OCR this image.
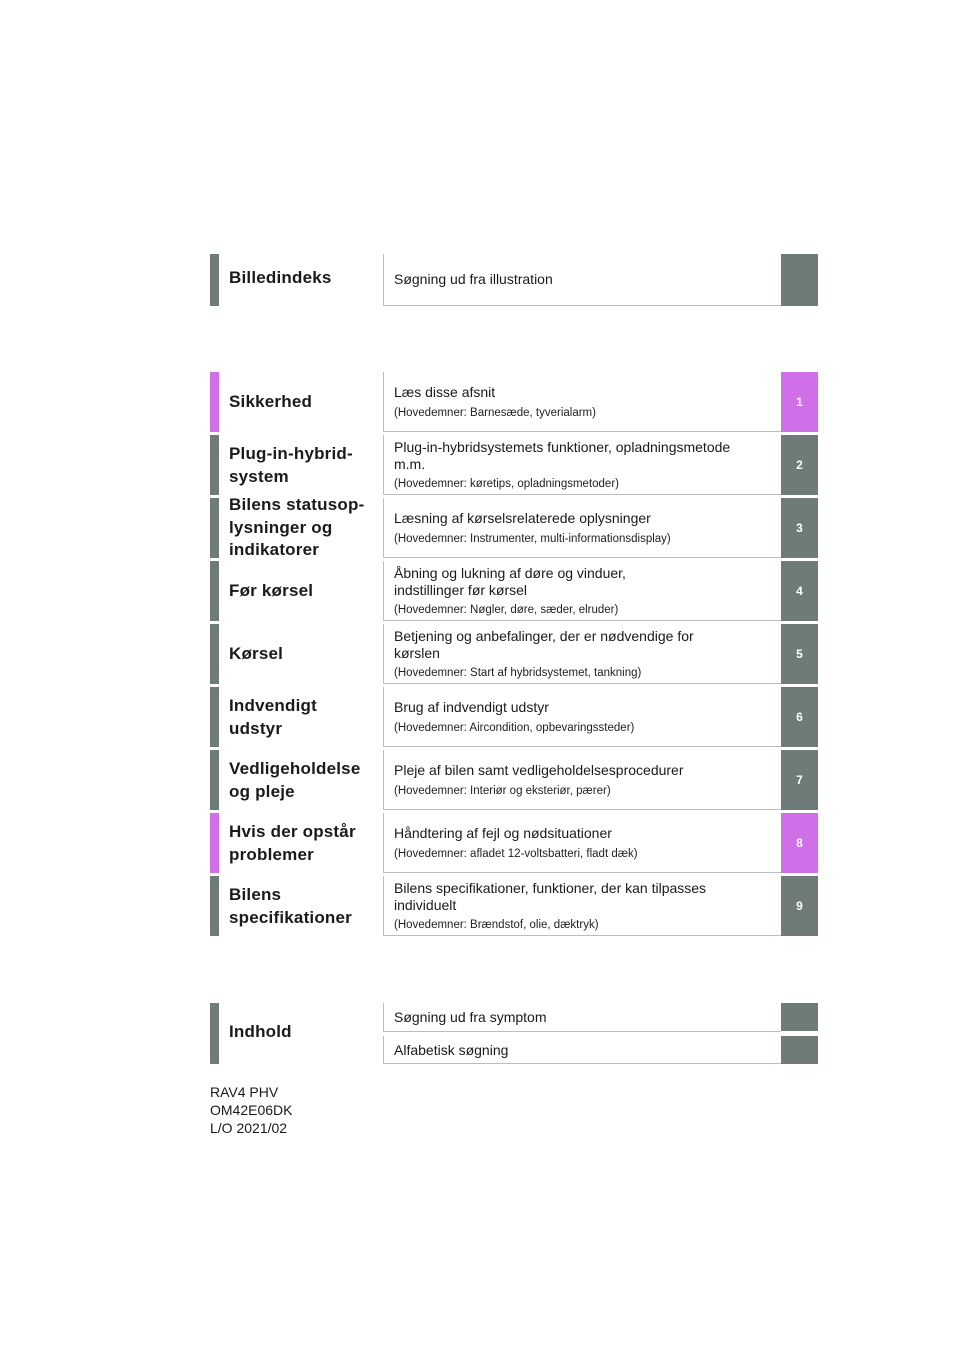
Billedindeks	Søgning ud fra illustration
Sikkerhed	Læs disse afsnit
(Hovedemner: Barnesæde, tyverialarm)
1
Plug-in-hybrid-
system
Plug-in-hybridsystemets funktioner, opladningsmetode
m.m.
(Hovedemner: køretips, opladningsmetoder)
2
Bilens statusop-
lysninger og
indikatorer
Læsning af kørselsrelaterede oplysninger
(Hovedemner: Instrumenter, multi-informationsdisplay)
3
Før kørsel
Åbning og lukning af døre og vinduer,
indstillinger før kørsel
(Hovedemner: Nøgler, døre, sæder, elruder)
4
Kørsel
Betjening og anbefalinger, der er nødvendige for
kørslen
(Hovedemner: Start af hybridsystemet, tankning)
5
Indvendigt
udstyr
Brug af indvendigt udstyr
(Hovedemner: Aircondition, opbevaringssteder)
6
Vedligeholdelse
og pleje
Pleje af bilen samt vedligeholdelsesprocedurer
(Hovedemner: Interiør og eksteriør, pærer)
7
Hvis der opstår
problemer
Håndtering af fejl og nødsituationer
(Hovedemner: afladet 12-voltsbatteri, fladt dæk)
8
Bilens
specifikationer
Bilens specifikationer, funktioner, der kan tilpasses
individuelt
(Hovedemner: Brændstof, olie, dæktryk)
9
Indhold
Søgning ud fra symptom
Alfabetisk søgning
RAV4 PHV
OM42E06DK
L/O 2021/02
